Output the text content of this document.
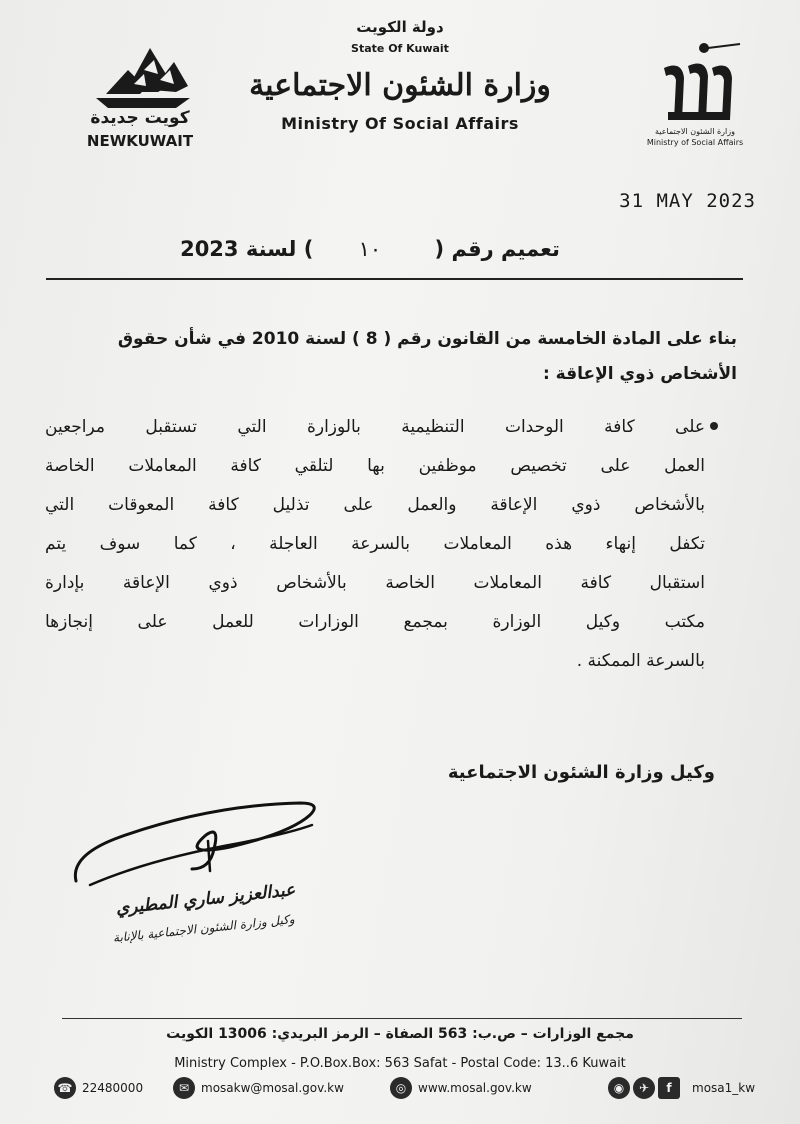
كويت جديدة
NEWKUWAIT
دولة الكويت
State Of Kuwait
وزارة الشئون الاجتماعية
Ministry Of Social Affairs	وزارة الشئون الاجتماعية
Ministry of Social Affairs
31 MAY 2023
تعميم رقم ( ١٠ ) لسنة 2023
بناء على المادة الخامسة من القانون رقم ( 8 ) لسنة 2010 في شأن حقوق
الأشخاص ذوي الإعاقة :
على كافة الوحدات التنظيمية بالوزارة التي تستقبل مراجعين
العمل على تخصيص موظفين بها لتلقي كافة المعاملات الخاصة
بالأشخاص ذوي الإعاقة والعمل على تذليل كافة المعوقات التي
تكفل إنهاء هذه المعاملات بالسرعة العاجلة ، كما سوف يتم
استقبال كافة المعاملات الخاصة بالأشخاص ذوي الإعاقة بإدارة
مكتب وكيل الوزارة بمجمع الوزارات للعمل على إنجازها
بالسرعة الممكنة .
وكيل وزارة الشئون الاجتماعية
عبدالعزيز ساري المطيري
وكيل وزارة الشئون الاجتماعية بالإنابة
مجمع الوزارات – ص.ب: 563 الصفاة – الرمز البريدي: 13006 الكويت
Ministry Complex - P.O.Box.Box: 563 Safat - Postal Code: 13..6 Kuwait
☎ 22480000	✉ mosakw@mosal.gov.kw	◎ www.mosal.gov.kw	◉	✈	f	mosa1_kw
